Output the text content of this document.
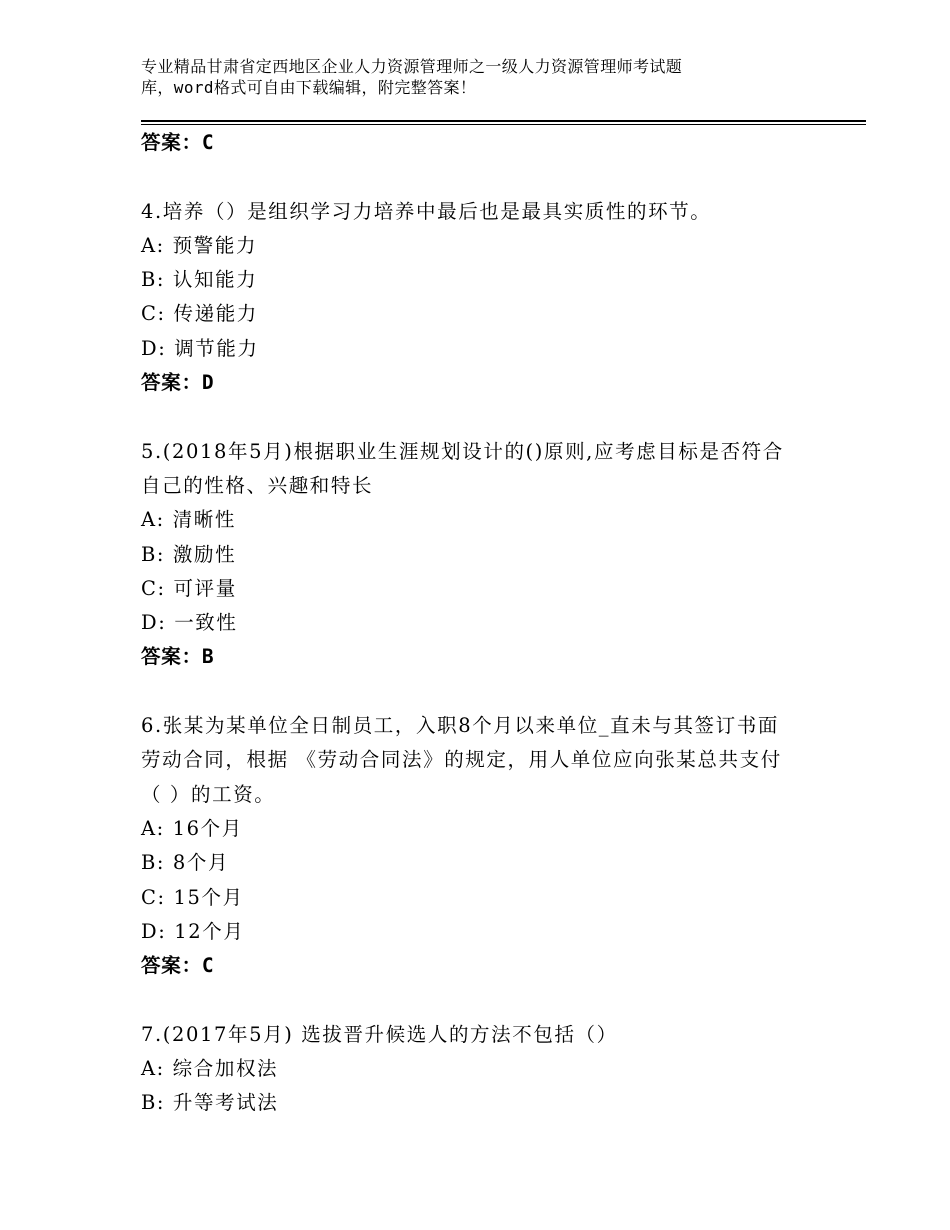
专业精品甘肃省定西地区企业人力资源管理师之一级人力资源管理师考试题
库，word格式可自由下载编辑，附完整答案！
答案：C
4.培养（）是组织学习力培养中最后也是最具实质性的环节。
A: 预警能力
B: 认知能力
C: 传递能力
D: 调节能力
答案：D
5.(2018年5月)根据职业生涯规划设计的()原则,应考虑目标是否符合
自己的性格、兴趣和特长
A: 清晰性
B: 激励性
C: 可评量
D: 一致性
答案：B
6.张某为某单位全日制员工，入职8个月以来单位_直未与其签订书面
劳动合同，根据 《劳动合同法》的规定，用人单位应向张某总共支付
（ ）的工资。
A: 16个月
B: 8个月
C: 15个月
D: 12个月
答案：C
7.(2017年5月) 选拔晋升候选人的方法不包括（）
A: 综合加权法
B: 升等考试法
